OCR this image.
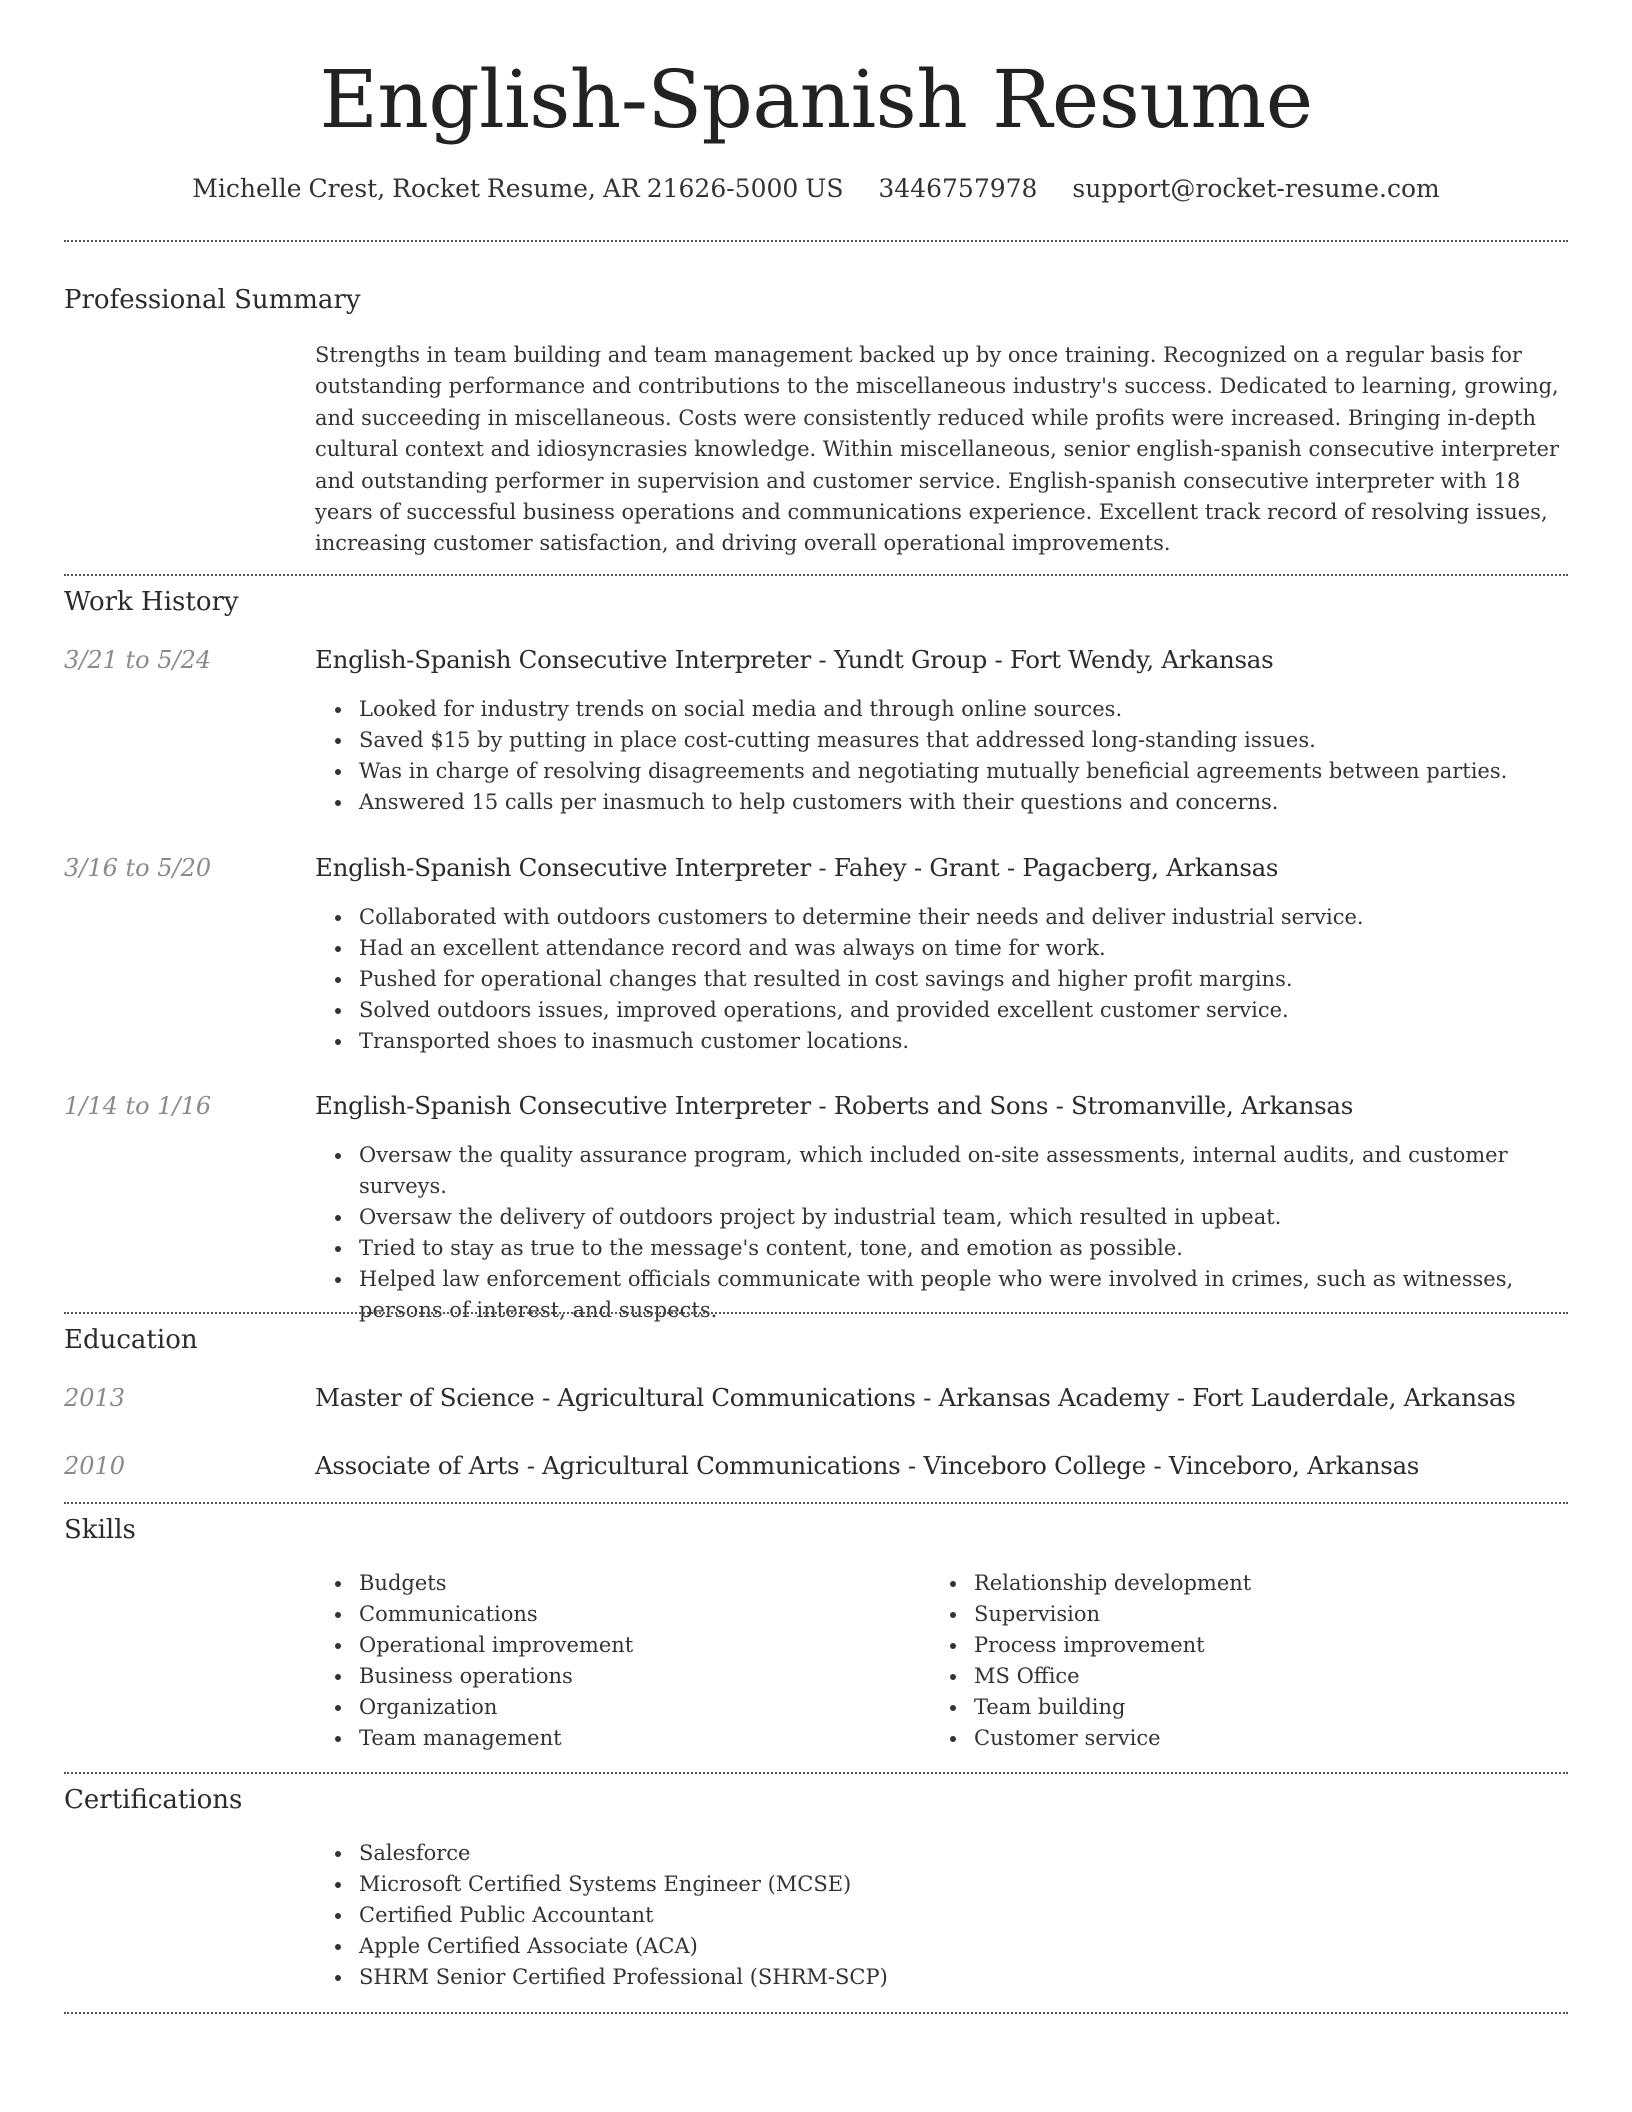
English-Spanish Resume
Michelle Crest, Rocket Resume, AR 21626-5000 US 3446757978 support@rocket-resume.com
Professional Summary

Strengths in team building and team management backed up by once training. Recognized on a regular basis for outstanding performance and contributions to the miscellaneous industry's success. Dedicated to learning, growing, and succeeding in miscellaneous. Costs were consistently reduced while profits were increased. Bringing in-depth cultural context and idiosyncrasies knowledge. Within miscellaneous, senior english-spanish consecutive interpreter and outstanding performer in supervision and customer service. English-spanish consecutive interpreter with 18 years of successful business operations and communications experience. Excellent track record of resolving issues, increasing customer satisfaction, and driving overall operational improvements.

Work History
3/21 to 5/24	English-Spanish Consecutive Interpreter - Yundt Group - Fort Wendy, Arkansas
Looked for industry trends on social media and through online sources.
Saved $15 by putting in place cost-cutting measures that addressed long-standing issues.
Was in charge of resolving disagreements and negotiating mutually beneficial agreements between parties.
Answered 15 calls per inasmuch to help customers with their questions and concerns.
3/16 to 5/20	English-Spanish Consecutive Interpreter - Fahey - Grant - Pagacberg, Arkansas
Collaborated with outdoors customers to determine their needs and deliver industrial service.
Had an excellent attendance record and was always on time for work.
Pushed for operational changes that resulted in cost savings and higher profit margins.
Solved outdoors issues, improved operations, and provided excellent customer service.
Transported shoes to inasmuch customer locations.
1/14 to 1/16	English-Spanish Consecutive Interpreter - Roberts and Sons - Stromanville, Arkansas
Oversaw the quality assurance program, which included on-site assessments, internal audits, and customer surveys.
Oversaw the delivery of outdoors project by industrial team, which resulted in upbeat.
Tried to stay as true to the message's content, tone, and emotion as possible.
Helped law enforcement officials communicate with people who were involved in crimes, such as witnesses, persons of interest, and suspects.
Education
2013	Master of Science - Agricultural Communications - Arkansas Academy - Fort Lauderdale, Arkansas
2010	Associate of Arts - Agricultural Communications - Vinceboro College - Vinceboro, Arkansas
Skills
Budgets
Communications
Operational improvement
Business operations
Organization
Team management
Relationship development
Supervision
Process improvement
MS Office
Team building
Customer service
Certifications
Salesforce
Microsoft Certified Systems Engineer (MCSE)
Certified Public Accountant
Apple Certified Associate (ACA)
SHRM Senior Certified Professional (SHRM-SCP)
